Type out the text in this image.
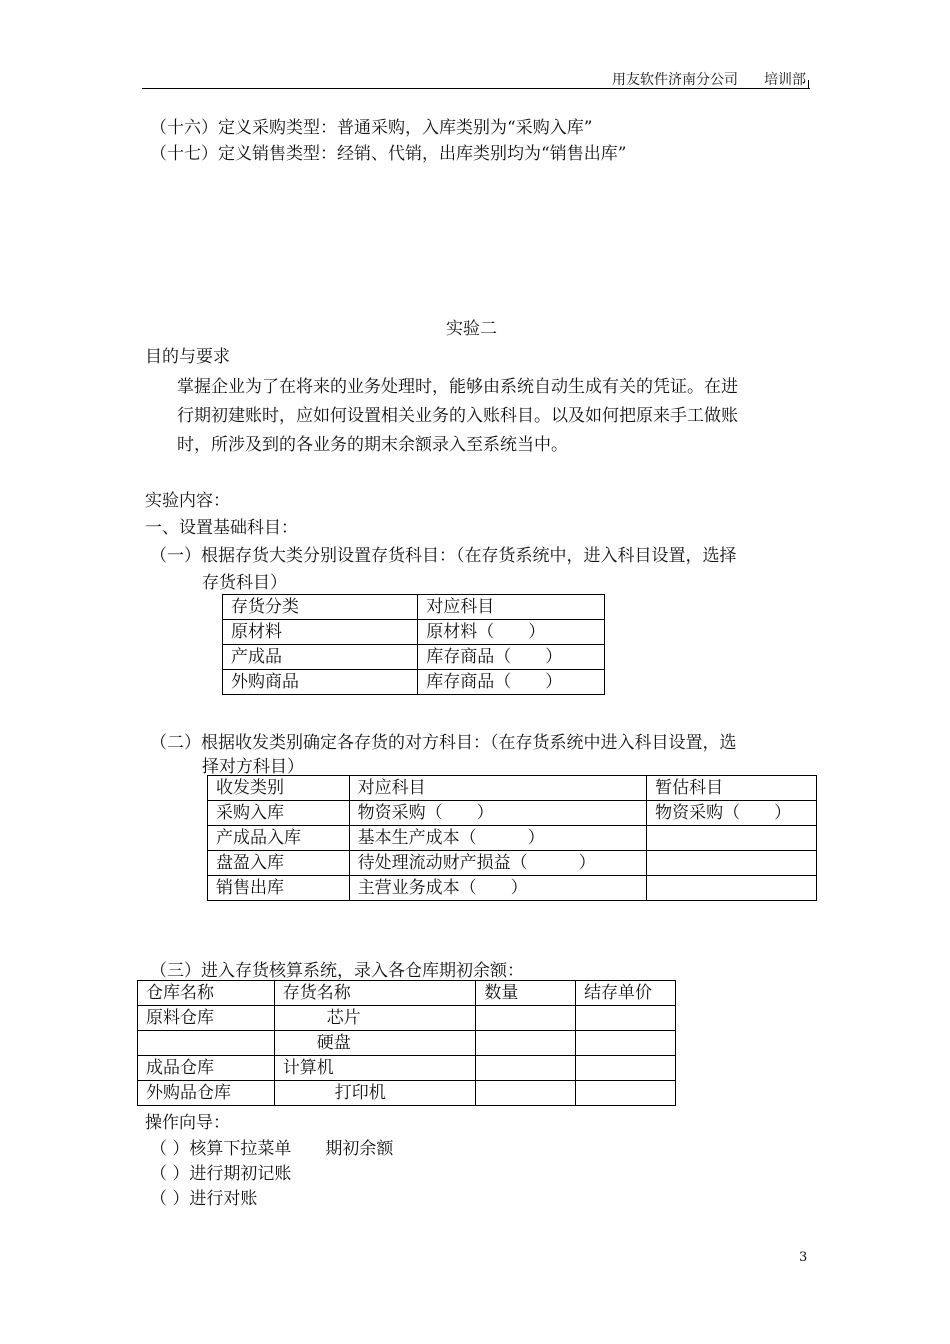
用友软件济南分公司 培训部
（十六）定义采购类型：普通采购，入库类别为“采购入库”
（十七）定义销售类型：经销、代销，出库类别均为“销售出库”
实验二
目的与要求
掌握企业为了在将来的业务处理时，能够由系统自动生成有关的凭证。在进
行期初建账时，应如何设置相关业务的入账科目。以及如何把原来手工做账
时，所涉及到的各业务的期末余额录入至系统当中。
实验内容：
一、设置基础科目：
（一）根据存货大类分别设置存货科目：（在存货系统中，进入科目设置，选择
存货科目）
存货分类	对应科目
原材料	原材料（　　）
产成品	库存商品（　　）
外购商品	库存商品（　　）
（二）根据收发类别确定各存货的对方科目：（在存货系统中进入科目设置，选
择对方科目）
收发类别	对应科目	暂估科目
采购入库	物资采购（　　）	物资采购（　　）
产成品入库	基本生产成本（　　　）	
盘盈入库	待处理流动财产损益（　　　）	
销售出库	主营业务成本（　　）	
（三）进入存货核算系统，录入各仓库期初余额：
仓库名称	存货名称	数量	结存单价
原料仓库	芯片		
	硬盘		
成品仓库	计算机		
外购品仓库	打印机		
操作向导：
（ ）核算下拉菜单　　期初余额
（ ）进行期初记账
（ ）进行对账
3
